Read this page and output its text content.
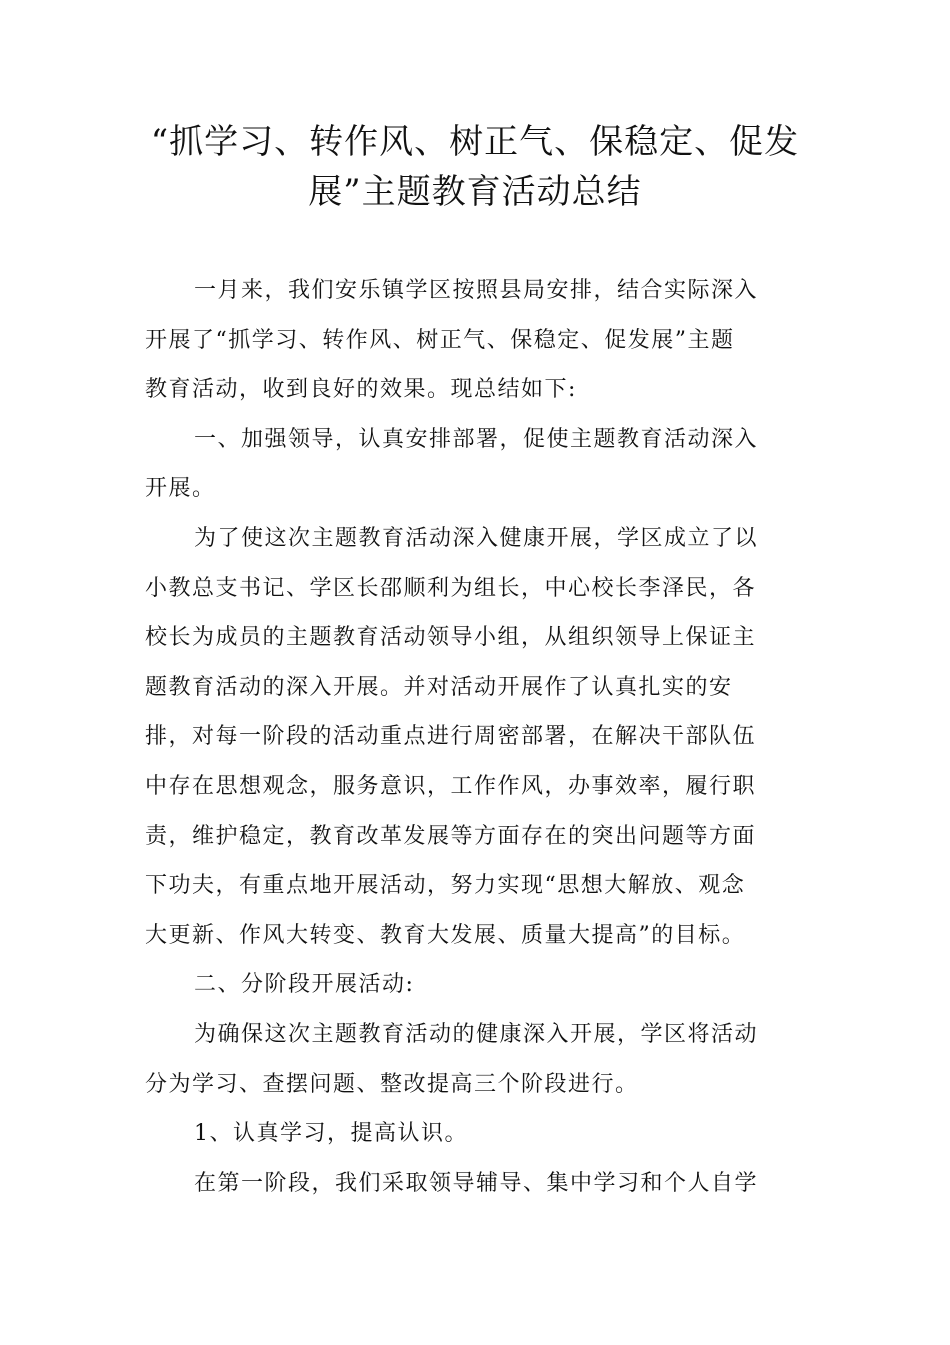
“抓学习、转作风、树正气、保稳定、促发
展”主题教育活动总结
一月来，我们安乐镇学区按照县局安排，结合实际深入
开展了“抓学习、转作风、树正气、保稳定、促发展”主题
教育活动，收到良好的效果。现总结如下:
一、加强领导，认真安排部署，促使主题教育活动深入
开展。
为了使这次主题教育活动深入健康开展，学区成立了以
小教总支书记、学区长邵顺利为组长，中心校长李泽民，各
校长为成员的主题教育活动领导小组，从组织领导上保证主
题教育活动的深入开展。并对活动开展作了认真扎实的安
排，对每一阶段的活动重点进行周密部署，在解决干部队伍
中存在思想观念，服务意识，工作作风，办事效率，履行职
责，维护稳定，教育改革发展等方面存在的突出问题等方面
下功夫，有重点地开展活动，努力实现“思想大解放、观念
大更新、作风大转变、教育大发展、质量大提高”的目标。
二、分阶段开展活动:
为确保这次主题教育活动的健康深入开展，学区将活动
分为学习、查摆问题、整改提高三个阶段进行。
1、认真学习，提高认识。
在第一阶段，我们采取领导辅导、集中学习和个人自学
